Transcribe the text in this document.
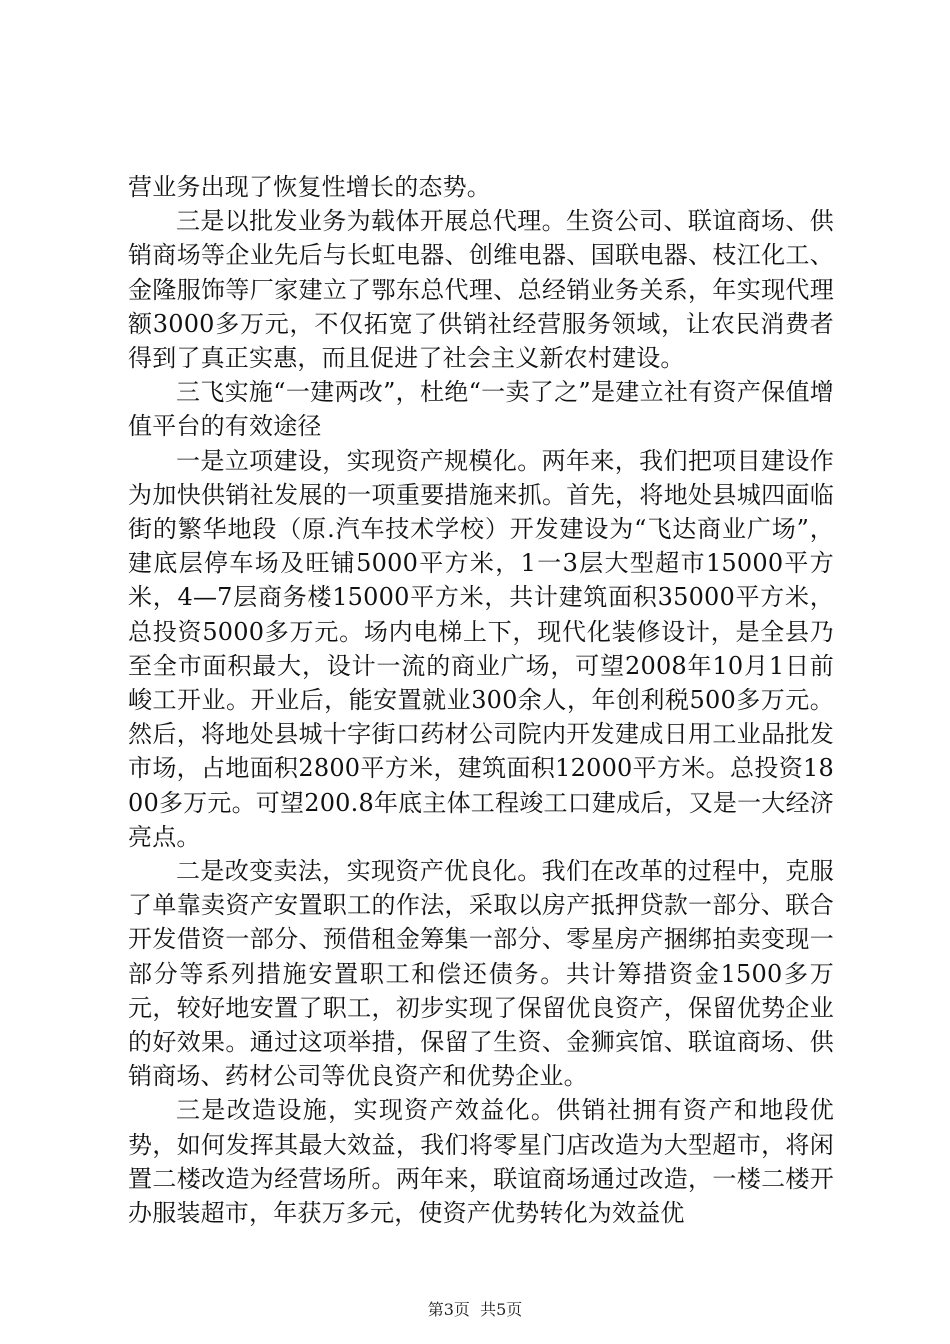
营业务出现了恢复性增长的态势。

三是以批发业务为载体开展总代理。生资公司、联谊商场、供销商场等企业先后与长虹电器、创维电器、国联电器、枝江化工、金隆服饰等厂家建立了鄂东总代理、总经销业务关系，年实现代理额3000多万元，不仅拓宽了供销社经营服务领域，让农民消费者得到了真正实惠，而且促进了社会主义新农村建设。

三飞实施“一建两改”，杜绝“一卖了之”是建立社有资产保值增值平台的有效途径

一是立项建设，实现资产规模化。两年来，我们把项目建设作为加快供销社发展的一项重要措施来抓。首先，将地处县城四面临街的繁华地段（原.汽车技术学校）开发建设为“飞达商业广场”，建底层停车场及旺铺5000平方米，1一3层大型超市15000平方米，4—7层商务楼15000平方米，共计建筑面积35000平方米，总投资5000多万元。场内电梯上下，现代化装修设计，是全县乃至全市面积最大，设计一流的商业广场，可望2008年10月1日前峻工开业。开业后，能安置就业300余人，年创利税500多万元。然后，将地处县城十字街口药材公司院内开发建成日用工业品批发市场，占地面积2800平方米，建筑面积12000平方米。总投资1800多万元。可望200.8年底主体工程竣工口建成后，又是一大经济亮点。

二是改变卖法，实现资产优良化。我们在改革的过程中，克服了单靠卖资产安置职工的作法，采取以房产抵押贷款一部分、联合开发借资一部分、预借租金筹集一部分、零星房产捆绑拍卖变现一部分等系列措施安置职工和偿还债务。共计筹措资金1500多万元，较好地安置了职工，初步实现了保留优良资产，保留优势企业的好效果。通过这项举措，保留了生资、金狮宾馆、联谊商场、供销商场、药材公司等优良资产和优势企业。

三是改造设施，实现资产效益化。供销社拥有资产和地段优势，如何发挥其最大效益，我们将零星门店改造为大型超市，将闲置二楼改造为经营场所。两年来，联谊商场通过改造，一楼二楼开办服装超市，年获万多元，使资产优势转化为效益优

第3页  共5页
